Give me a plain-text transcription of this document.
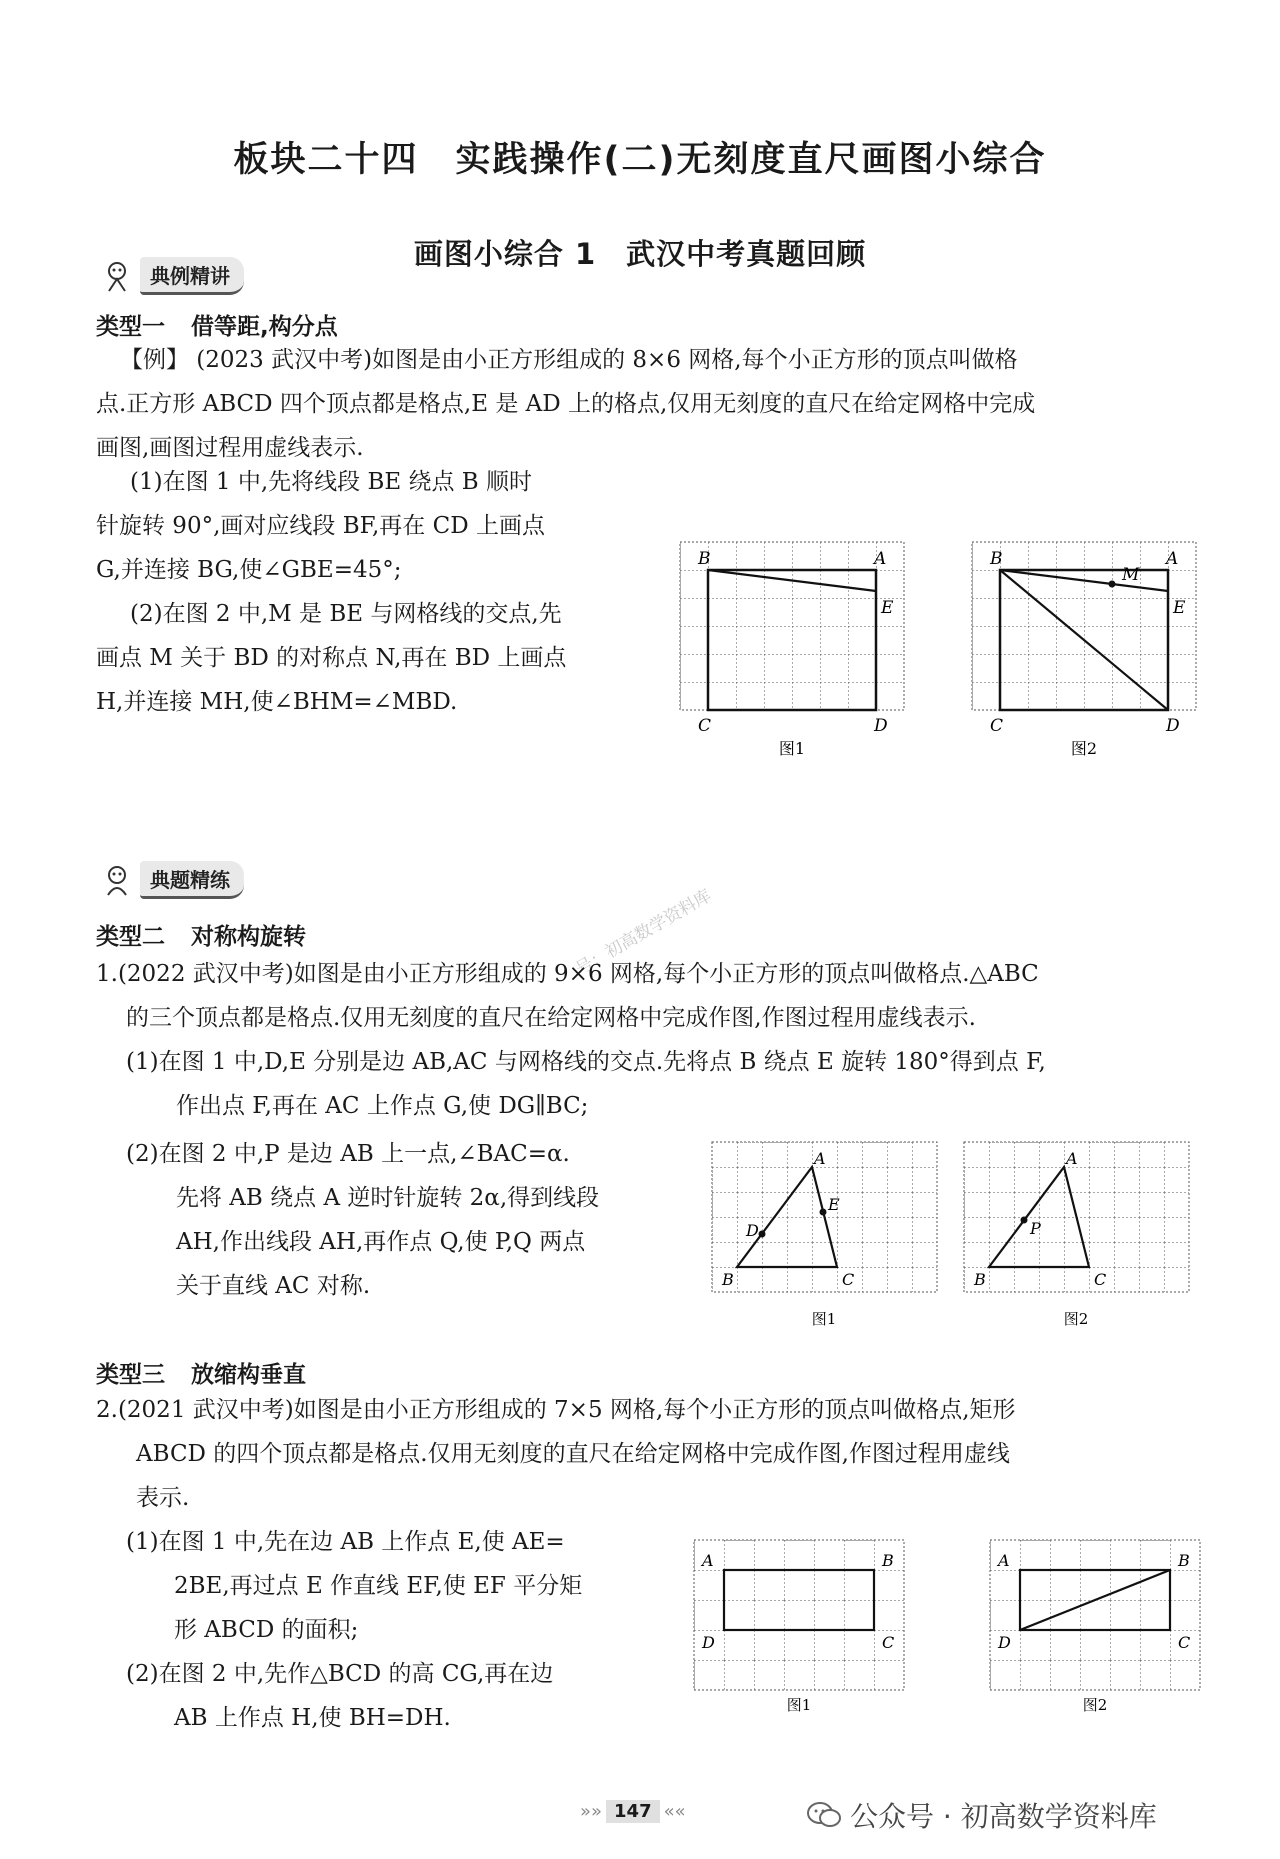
板块二十四　实践操作(二)无刻度直尺画图小综合
画图小综合 1　武汉中考真题回顾
典例精讲
类型一 借等距,构分点
【例】 (2023 武汉中考)如图是由小正方形组成的 8×6 网格,每个小正方形的顶点叫做格
点.正方形 ABCD 四个顶点都是格点,E 是 AD 上的格点,仅用无刻度的直尺在给定网格中完成
画图,画图过程用虚线表示.
(1)在图 1 中,先将线段 BE 绕点 B 顺时
针旋转 90°,画对应线段 BF,再在 CD 上画点
G,并连接 BG,使∠GBE=45°;
(2)在图 2 中,M 是 BE 与网格线的交点,先
画点 M 关于 BD 的对称点 N,再在 BD 上画点
H,并连接 MH,使∠BHM=∠MBD.
B	A
E
C	D
图1
B	A
M
E
C	D
图2
典题精练
号：初高数学资料库
类型二 对称构旋转
1.(2022 武汉中考)如图是由小正方形组成的 9×6 网格,每个小正方形的顶点叫做格点.△ABC
的三个顶点都是格点.仅用无刻度的直尺在给定网格中完成作图,作图过程用虚线表示.
(1)在图 1 中,D,E 分别是边 AB,AC 与网格线的交点.先将点 B 绕点 E 旋转 180°得到点 F,
作出点 F,再在 AC 上作点 G,使 DG∥BC;
(2)在图 2 中,P 是边 AB 上一点,∠BAC=α.
先将 AB 绕点 A 逆时针旋转 2α,得到线段
AH,作出线段 AH,再作点 Q,使 P,Q 两点
关于直线 AC 对称.
A
E
D
B	C
图1
A
P
B	C
图2
类型三 放缩构垂直
2.(2021 武汉中考)如图是由小正方形组成的 7×5 网格,每个小正方形的顶点叫做格点,矩形
ABCD 的四个顶点都是格点.仅用无刻度的直尺在给定网格中完成作图,作图过程用虚线
表示.
(1)在图 1 中,先在边 AB 上作点 E,使 AE=
2BE,再过点 E 作直线 EF,使 EF 平分矩
形 ABCD 的面积;
(2)在图 2 中,先作△BCD 的高 CG,再在边
AB 上作点 H,使 BH=DH.
A	B
D	C
图1
A	B
D	C
图2
»» 147 ««	公众号 · 初高数学资料库
